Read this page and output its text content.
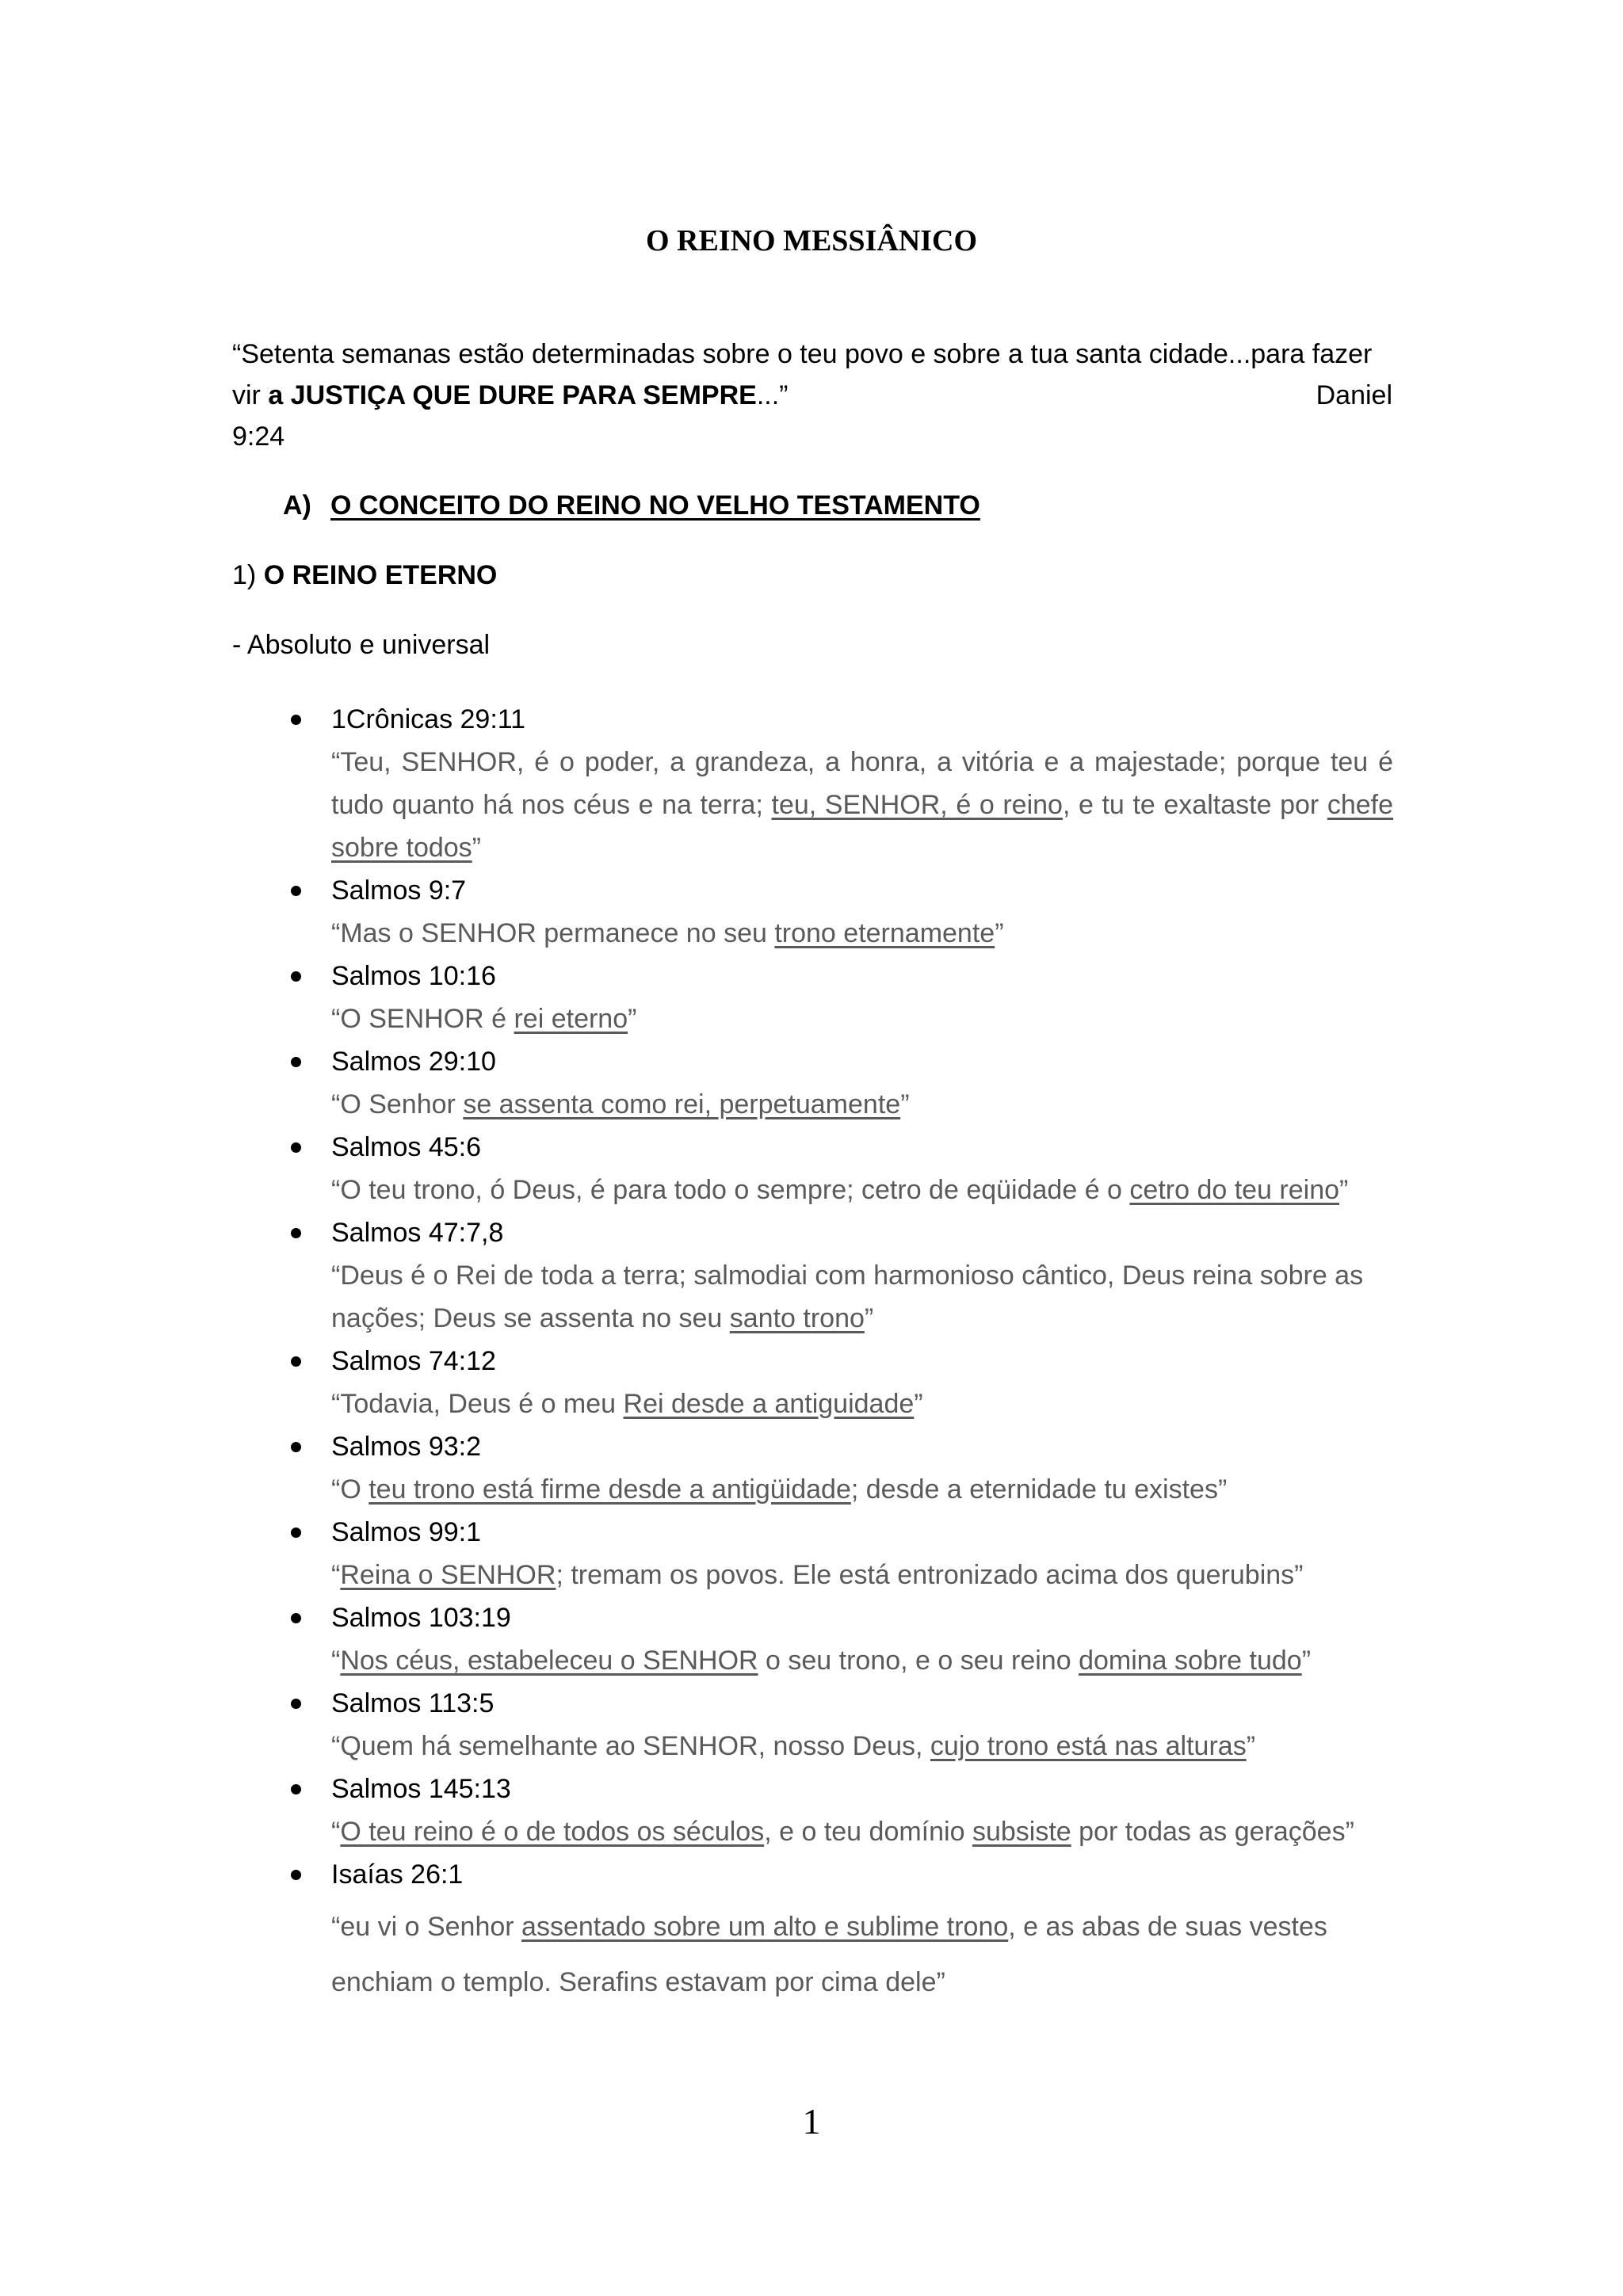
O REINO MESSIÂNICO
“Setenta semanas estão determinadas sobre o teu povo e sobre a tua santa cidade...para fazer
vir a JUSTIÇA QUE DURE PARA SEMPRE...”	Daniel
9:24
A) O CONCEITO DO REINO NO VELHO TESTAMENTO
1) O REINO ETERNO
- Absoluto e universal
1Crônicas 29:11
“Teu, SENHOR, é o poder, a grandeza, a honra, a vitória e a majestade; porque teu é tudo quanto há nos céus e na terra; teu, SENHOR, é o reino, e tu te exaltaste por chefe sobre todos”
Salmos 9:7
“Mas o SENHOR permanece no seu trono eternamente”
Salmos 10:16
“O SENHOR é rei eterno”
Salmos 29:10
“O Senhor se assenta como rei, perpetuamente”
Salmos 45:6
“O teu trono, ó Deus, é para todo o sempre; cetro de eqüidade é o cetro do teu reino”
Salmos 47:7,8
“Deus é o Rei de toda a terra; salmodiai com harmonioso cântico, Deus reina sobre as nações; Deus se assenta no seu santo trono”
Salmos 74:12
“Todavia, Deus é o meu Rei desde a antiguidade”
Salmos 93:2
“O teu trono está firme desde a antigüidade; desde a eternidade tu existes”
Salmos 99:1
“Reina o SENHOR; tremam os povos. Ele está entronizado acima dos querubins”
Salmos 103:19
“Nos céus, estabeleceu o SENHOR o seu trono, e o seu reino domina sobre tudo”
Salmos 113:5
“Quem há semelhante ao SENHOR, nosso Deus, cujo trono está nas alturas”
Salmos 145:13
“O teu reino é o de todos os séculos, e o teu domínio subsiste por todas as gerações”
Isaías 26:1
“eu vi o Senhor assentado sobre um alto e sublime trono, e as abas de suas vestes enchiam o templo. Serafins estavam por cima dele”
1
